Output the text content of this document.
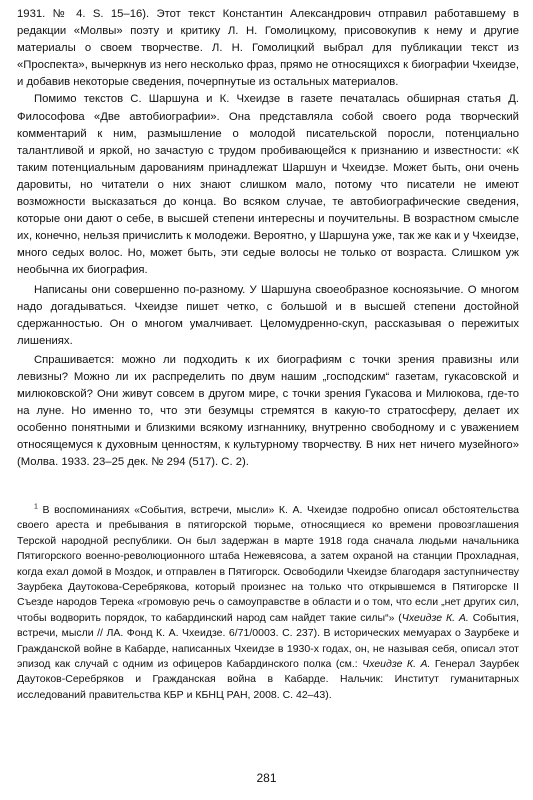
1931. № 4. S. 15–16). Этот текст Константин Александрович отправил работавшему в редакции «Молвы» поэту и критику Л. Н. Гомолицкому, присовокупив к нему и другие материалы о своем творчестве. Л. Н. Гомолицкий выбрал для публикации текст из «Проспекта», вычеркнув из него несколько фраз, прямо не относящихся к биографии Чхеидзе, и добавив некоторые сведения, почерпнутые из остальных материалов.

Помимо текстов С. Шаршуна и К. Чхеидзе в газете печаталась обширная статья Д. Философова «Две автобиографии». Она представляла собой своего рода творческий комментарий к ним, размышление о молодой писательской поросли, потенциально талантливой и яркой, но зачастую с трудом пробивающейся к признанию и известности: «К таким потенциальным дарованиям принадлежат Шаршун и Чхеидзе. Может быть, они очень даровиты, но читатели о них знают слишком мало, потому что писатели не имеют возможности высказаться до конца. Во всяком случае, те автобиографические сведения, которые они дают о себе, в высшей степени интересны и поучительны. В возрастном смысле их, конечно, нельзя причислить к молодежи. Вероятно, у Шаршуна уже, так же как и у Чхеидзе, много седых волос. Но, может быть, эти седые волосы не только от возраста. Слишком уж необычна их биография.

Написаны они совершенно по-разному. У Шаршуна своеобразное косноязычие. О многом надо догадываться. Чхеидзе пишет четко, с большой и в высшей степени достойной сдержанностью. Он о многом умалчивает. Целомудренно-скуп, рассказывая о пережитых лишениях.

Спрашивается: можно ли подходить к их биографиям с точки зрения правизны или левизны? Можно ли их распределить по двум нашим „господским“ газетам, гукасовской и милюковской? Они живут совсем в другом мире, с точки зрения Гукасова и Милюкова, где-то на луне. Но именно то, что эти безумцы стремятся в какую-то стратосферу, делает их особенно понятными и близкими всякому изгнаннику, внутренно свободному и с уважением относящемуся к духовным ценностям, к культурному творчеству. В них нет ничего музейного» (Молва. 1933. 23–25 дек. № 294 (517). С. 2).

$^1$ В воспоминаниях «События, встречи, мысли» К. А. Чхеидзе подробно описал обстоятельства своего ареста и пребывания в пятигорской тюрьме, относящиеся ко времени провозглашения Терской народной республики. Он был задержан в марте 1918 года сначала людьми начальника Пятигорского военно-революционного штаба Нежевясова, а затем охраной на станции Прохладная, когда ехал домой в Моздок, и отправлен в Пятигорск. Освободили Чхеидзе благодаря заступничеству Заурбека Даутокова-Серебрякова, который произнес на только что открывшемся в Пятигорске II Съезде народов Терека «громовую речь о самоуправстве в области и о том, что если „нет других сил, чтобы водворить порядок, то кабардинский народ сам найдет такие силы“» (Чхеидзе К. А. События, встречи, мысли // ЛА. Фонд К. А. Чхеидзе. 6/71/0003. С. 237). В исторических мемуарах о Заурбеке и Гражданской войне в Кабарде, написанных Чхеидзе в 1930-х годах, он, не называя себя, описал этот эпизод как случай с одним из офицеров Кабардинского полка (см.: Чхеидзе К. А. Генерал Заурбек Даутоков-Серебряков и Гражданская война в Кабарде. Нальчик: Институт гуманитарных исследований правительства КБР и КБНЦ РАН, 2008. С. 42–43).

281
